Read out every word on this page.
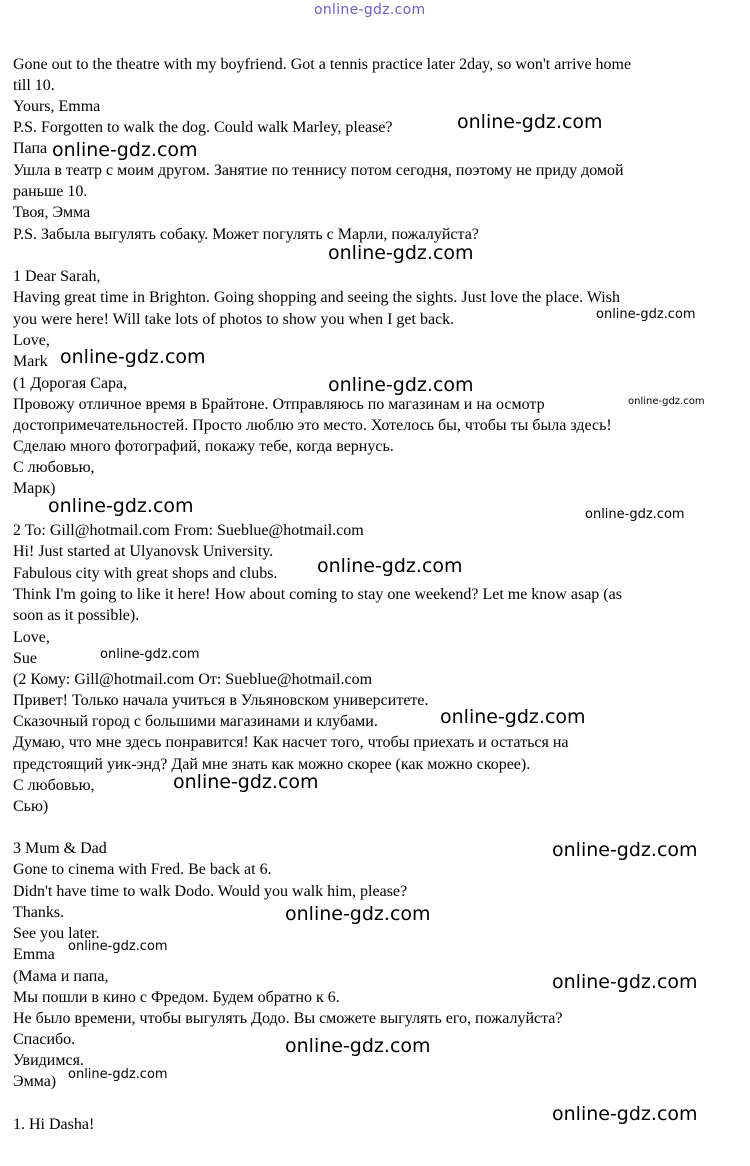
online-gdz.com
Gone out to the theatre with my boyfriend. Got a tennis practice later 2day, so won't arrive home
till 10.
Yours, Emma
P.S. Forgotten to walk the dog. Could walk Marley, please?
Папа
Ушла в театр с моим другом. Занятие по теннису потом сегодня, поэтому не приду домой
раньше 10.
Твоя, Эмма
P.S. Забыла выгулять собаку. Может погулять с Марли, пожалуйста?
1 Dear Sarah,
Having great time in Brighton. Going shopping and seeing the sights. Just love the place. Wish
you were here! Will take lots of photos to show you when I get back.
Love,
Mark
(1 Дорогая Сара,
Провожу отличное время в Брайтоне. Отправляюсь по магазинам и на осмотр
достопримечательностей. Просто люблю это место. Хотелось бы, чтобы ты была здесь!
Сделаю много фотографий, покажу тебе, когда вернусь.
С любовью,
Марк)
2 To: Gill@hotmail.com From: Sueblue@hotmail.com
Hi! Just started at Ulyanovsk University.
Fabulous city with great shops and clubs.
Think I'm going to like it here! How about coming to stay one weekend? Let me know asap (as
soon as it possible).
Love,
Sue
(2 Кому: Gill@hotmail.com От: Sueblue@hotmail.com
Привет! Только начала учиться в Ульяновском университете.
Сказочный город с большими магазинами и клубами.
Думаю, что мне здесь понравится! Как насчет того, чтобы приехать и остаться на
предстоящий уик-энд? Дай мне знать как можно скорее (как можно скорее).
С любовью,
Сью)
3 Mum & Dad
Gone to cinema with Fred. Be back at 6.
Didn't have time to walk Dodo. Would you walk him, please?
Thanks.
See you later.
Emma
(Мама и папа,
Мы пошли в кино с Фредом. Будем обратно к 6.
Не было времени, чтобы выгулять Додо. Вы сможете выгулять его, пожалуйста?
Спасибо.
Увидимся.
Эмма)
1. Hi Dasha!
online-gdz.com
online-gdz.com
online-gdz.com
online-gdz.com
online-gdz.com
online-gdz.com
online-gdz.com
online-gdz.com	online-gdz.com
online-gdz.com
online-gdz.com
online-gdz.com
online-gdz.com
online-gdz.com
online-gdz.com
online-gdz.com
online-gdz.com
online-gdz.com
online-gdz.com
online-gdz.com
